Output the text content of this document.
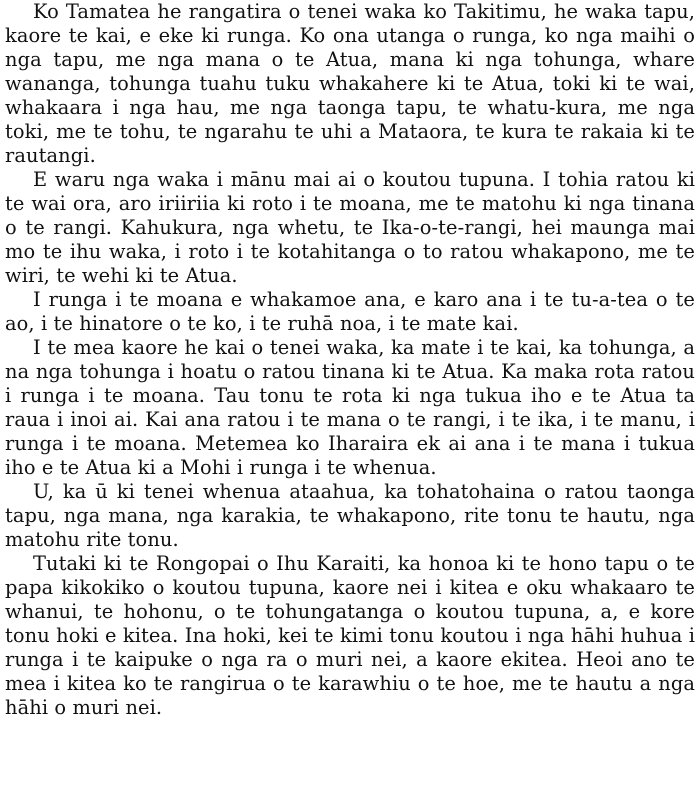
Ko Tamatea he rangatira o tenei waka ko Takitimu, he waka tapu, kaore te kai, e eke ki runga. Ko ona utanga o runga, ko nga maihi o nga tapu, me nga mana o te Atua, mana ki nga tohunga, whare wananga, tohunga tuahu tuku whakahere ki te Atua, toki ki te wai, whakaara i nga hau, me nga taonga tapu, te whatu-kura, me nga toki, me te tohu, te ngarahu te uhi a Mataora, te kura te rakaia ki te rautangi.

E waru nga waka i mānu mai ai o koutou tupuna. I tohia ratou ki te wai ora, aro iriiriia ki roto i te moana, me te matohu ki nga tinana o te rangi. Kahukura, nga whetu, te Ika-o-te-rangi, hei maunga mai mo te ihu waka, i roto i te kotahitanga o to ratou whakapono, me te wiri, te wehi ki te Atua.

I runga i te moana e whakamoe ana, e karo ana i te tu-a-tea o te ao, i te hinatore o te ko, i te ruhā noa, i te mate kai.

I te mea kaore he kai o tenei waka, ka mate i te kai, ka tohunga, a na nga tohunga i hoatu o ratou tinana ki te Atua. Ka maka rota ratou i runga i te moana. Tau tonu te rota ki nga tukua iho e te Atua ta raua i inoi ai. Kai ana ratou i te mana o te rangi, i te ika, i te manu, i runga i te moana. Metemea ko Iharaira ek ai ana i te mana i tukua iho e te Atua ki a Mohi i runga i te whenua.

U, ka ū ki tenei whenua ataahua, ka tohatohaina o ratou taonga tapu, nga mana, nga karakia, te whakapono, rite tonu te hautu, nga matohu rite tonu.

Tutaki ki te Rongopai o Ihu Karaiti, ka honoa ki te hono tapu o te papa kikokiko o koutou tupuna, kaore nei i kitea e oku whakaaro te whanui, te hohonu, o te tohungatanga o koutou tupuna, a, e kore tonu hoki e kitea. Ina hoki, kei te kimi tonu koutou i nga hāhi huhua i runga i te kaipuke o nga ra o muri nei, a kaore ekitea. Heoi ano te mea i kitea ko te rangirua o te karawhiu o te hoe, me te hautu a nga hāhi o muri nei.
